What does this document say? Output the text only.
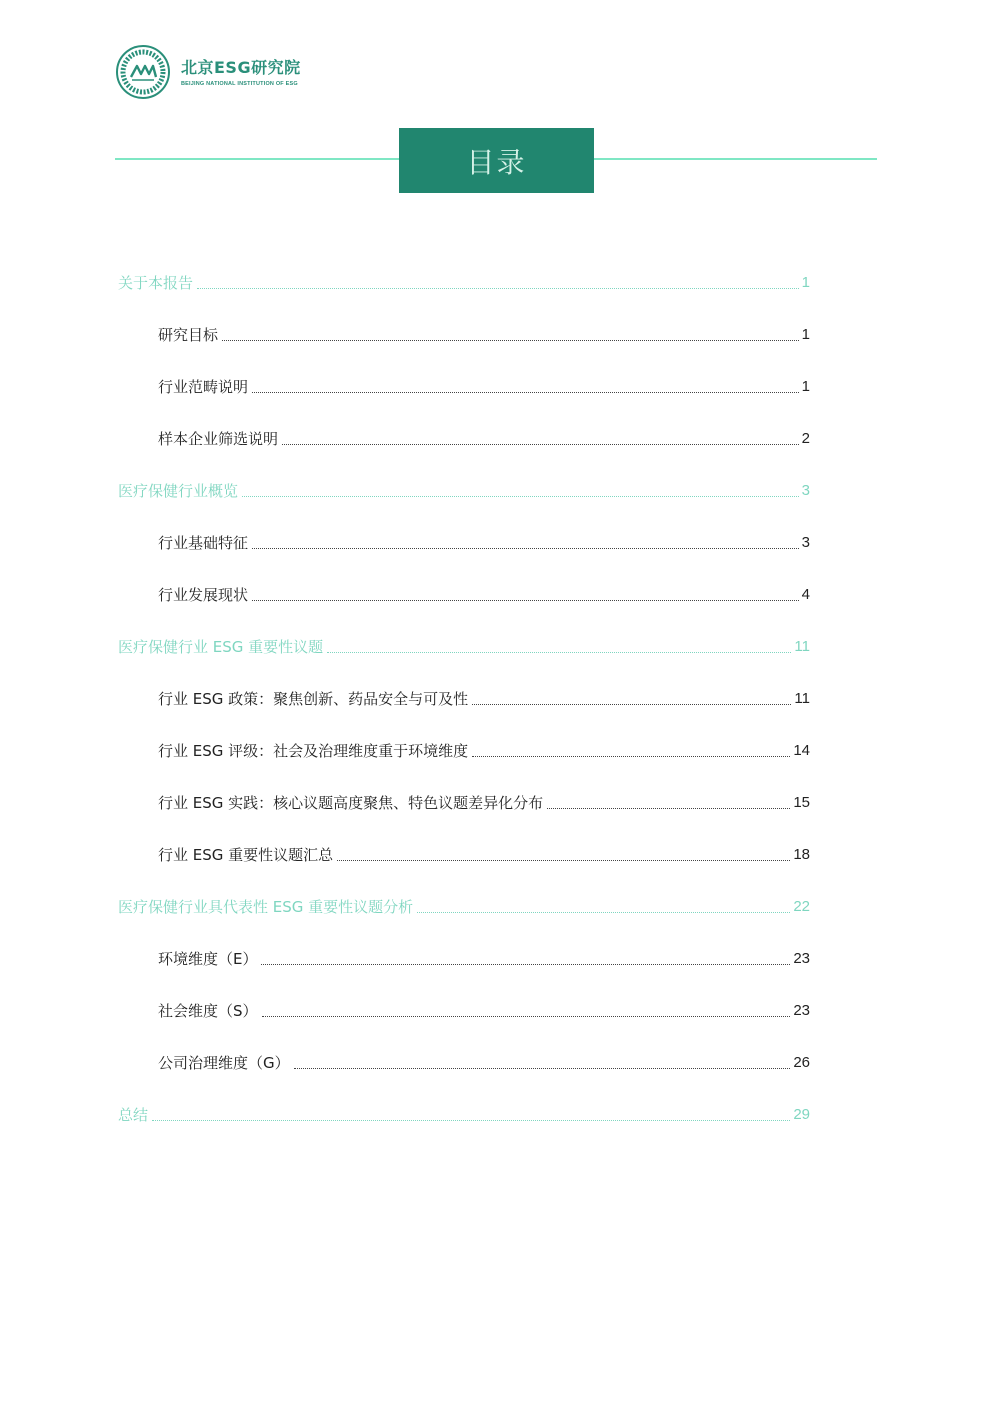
北京ESG研究院
BEIJING NATIONAL INSTITUTION OF ESG
目录
关于本报告	1
研究目标	1
行业范畴说明	1
样本企业筛选说明	2
医疗保健行业概览	3
行业基础特征	3
行业发展现状	4
医疗保健行业 ESG 重要性议题	11
行业 ESG 政策：聚焦创新、药品安全与可及性	11
行业 ESG 评级：社会及治理维度重于环境维度	14
行业 ESG 实践：核心议题高度聚焦、特色议题差异化分布	15
行业 ESG 重要性议题汇总	18
医疗保健行业具代表性 ESG 重要性议题分析	22
环境维度（E）	23
社会维度（S）	23
公司治理维度（G）	26
总结	29
